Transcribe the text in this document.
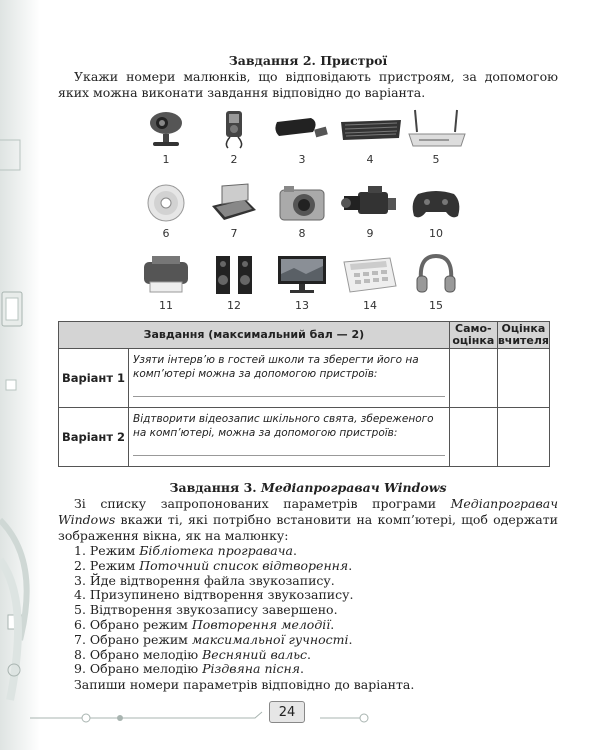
Завдання 2. Пристрої
Укажи номери малюнків, що відповідають пристроям, за допомогою яких можна виконати завдання відповідно до варіанта.
1	2	3	4	5
6	7	8	9	10
11	12	13	14	15
Завдання (максимальний бал — 2)		Само-оцінка	Оцінка вчителя
Варіант 1	Узяти інтерв’ю в гостей школи та зберегти його на комп’ютері можна за допомогою пристроїв:

Варіант 2	Відтворити відеозапис шкільного свята, збереженого на комп’ютері, можна за допомогою пристроїв:

Завдання 3. Медіапрогравач Windows
Зі списку запропонованих параметрів програми Медіапрогравач Windows вкажи ті, які потрібно встановити на комп’ютері, щоб одержати зображення вікна, як на малюнку:
1. Режим Бібліотека програвача.
2. Режим Поточний список відтворення.
3. Йде відтворення файла звукозапису.
4. Призупинено відтворення звукозапису.
5. Відтворення звукозапису завершено.
6. Обрано режим Повторення мелодії.
7. Обрано режим максимальної гучності.
8. Обрано мелодію Весняний вальс.
9. Обрано мелодію Різдвяна пісня.
Запиши номери параметрів відповідно до варіанта.
24
